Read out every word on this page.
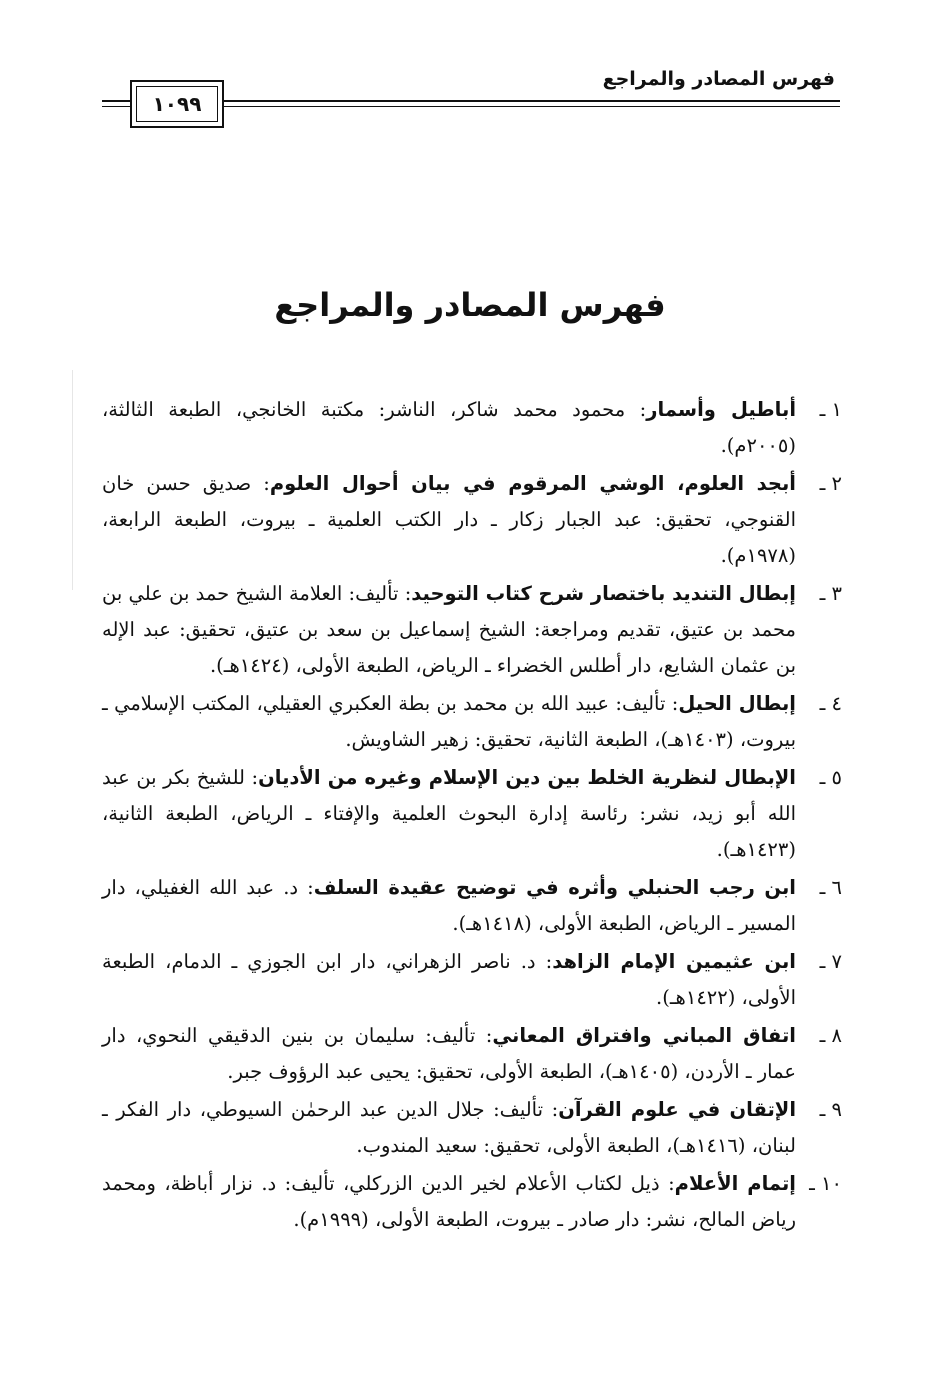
فهرس المصادر والمراجع
١٠٩٩
فهرس المصادر والمراجع
١ ـ
أباطيل وأسمار: محمود محمد شاكر، الناشر: مكتبة الخانجي، الطبعة الثالثة، (٢٠٠٥م).
٢ ـ
أبجد العلوم، الوشي المرقوم في بيان أحوال العلوم: صديق حسن خان القنوجي، تحقيق: عبد الجبار زكار ـ دار الكتب العلمية ـ بيروت، الطبعة الرابعة، (١٩٧٨م).
٣ ـ
إبطال التنديد باختصار شرح كتاب التوحيد: تأليف: العلامة الشيخ حمد بن علي بن محمد بن عتيق، تقديم ومراجعة: الشيخ إسماعيل بن سعد بن عتيق، تحقيق: عبد الإله بن عثمان الشايع، دار أطلس الخضراء ـ الرياض، الطبعة الأولى، (١٤٢٤هـ).
٤ ـ
إبطال الحيل: تأليف: عبيد الله بن محمد بن بطة العكبري العقيلي، المكتب الإسلامي ـ بيروت، (١٤٠٣هـ)، الطبعة الثانية، تحقيق: زهير الشاويش.
٥ ـ
الإبطال لنظرية الخلط بين دين الإسلام وغيره من الأديان: للشيخ بكر بن عبد الله أبو زيد، نشر: رئاسة إدارة البحوث العلمية والإفتاء ـ الرياض، الطبعة الثانية، (١٤٢٣هـ).
٦ ـ
ابن رجب الحنبلي وأثره في توضيح عقيدة السلف: د. عبد الله الغفيلي، دار المسير ـ الرياض، الطبعة الأولى، (١٤١٨هـ).
٧ ـ
ابن عثيمين الإمام الزاهد: د. ناصر الزهراني، دار ابن الجوزي ـ الدمام، الطبعة الأولى، (١٤٢٢هـ).
٨ ـ
اتفاق المباني وافتراق المعاني: تأليف: سليمان بن بنين الدقيقي النحوي، دار عمار ـ الأردن، (١٤٠٥هـ)، الطبعة الأولى، تحقيق: يحيى عبد الرؤوف جبر.
٩ ـ
الإتقان في علوم القرآن: تأليف: جلال الدين عبد الرحمٰن السيوطي، دار الفكر ـ لبنان، (١٤١٦هـ)، الطبعة الأولى، تحقيق: سعيد المندوب.
١٠ ـ
إتمام الأعلام: ذيل لكتاب الأعلام لخير الدين الزركلي، تأليف: د. نزار أباظة، ومحمد رياض المالح، نشر: دار صادر ـ بيروت، الطبعة الأولى، (١٩٩٩م).
